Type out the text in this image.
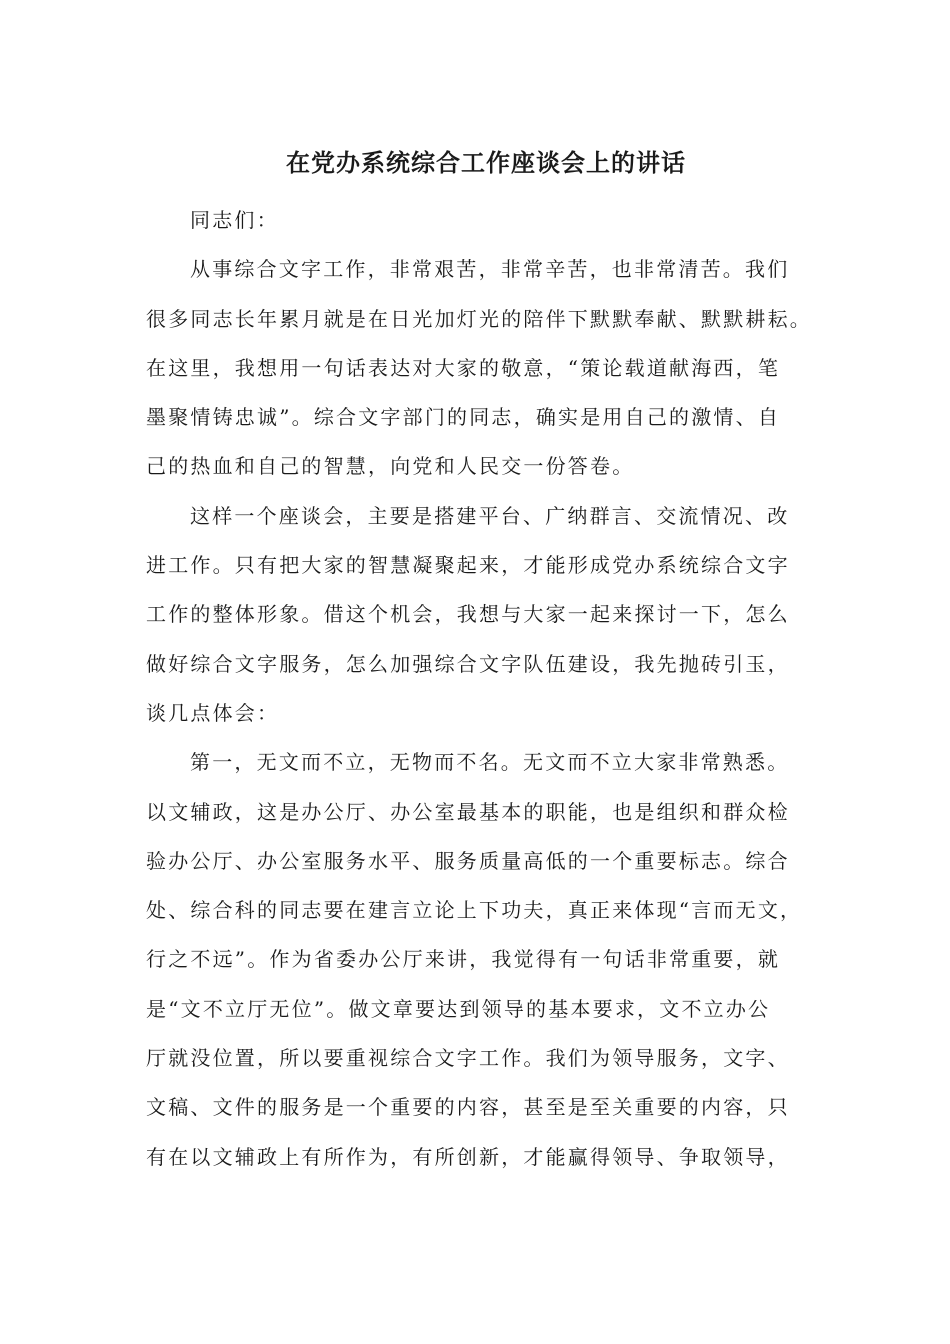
在党办系统综合工作座谈会上的讲话

同志们：

从事综合文字工作，非常艰苦，非常辛苦，也非常清苦。我们
很多同志长年累月就是在日光加灯光的陪伴下默默奉献、默默耕耘。
在这里，我想用一句话表达对大家的敬意，“策论载道献海西，笔
墨聚情铸忠诚”。综合文字部门的同志，确实是用自己的激情、自
己的热血和自己的智慧，向党和人民交一份答卷。

这样一个座谈会，主要是搭建平台、广纳群言、交流情况、改
进工作。只有把大家的智慧凝聚起来，才能形成党办系统综合文字
工作的整体形象。借这个机会，我想与大家一起来探讨一下，怎么
做好综合文字服务，怎么加强综合文字队伍建设，我先抛砖引玉，
谈几点体会：

第一，无文而不立，无物而不名。无文而不立大家非常熟悉。
以文辅政，这是办公厅、办公室最基本的职能，也是组织和群众检
验办公厅、办公室服务水平、服务质量高低的一个重要标志。综合
处、综合科的同志要在建言立论上下功夫，真正来体现“言而无文，
行之不远”。作为省委办公厅来讲，我觉得有一句话非常重要，就
是“文不立厅无位”。做文章要达到领导的基本要求，文不立办公
厅就没位置，所以要重视综合文字工作。我们为领导服务，文字、
文稿、文件的服务是一个重要的内容，甚至是至关重要的内容，只
有在以文辅政上有所作为，有所创新，才能赢得领导、争取领导，
